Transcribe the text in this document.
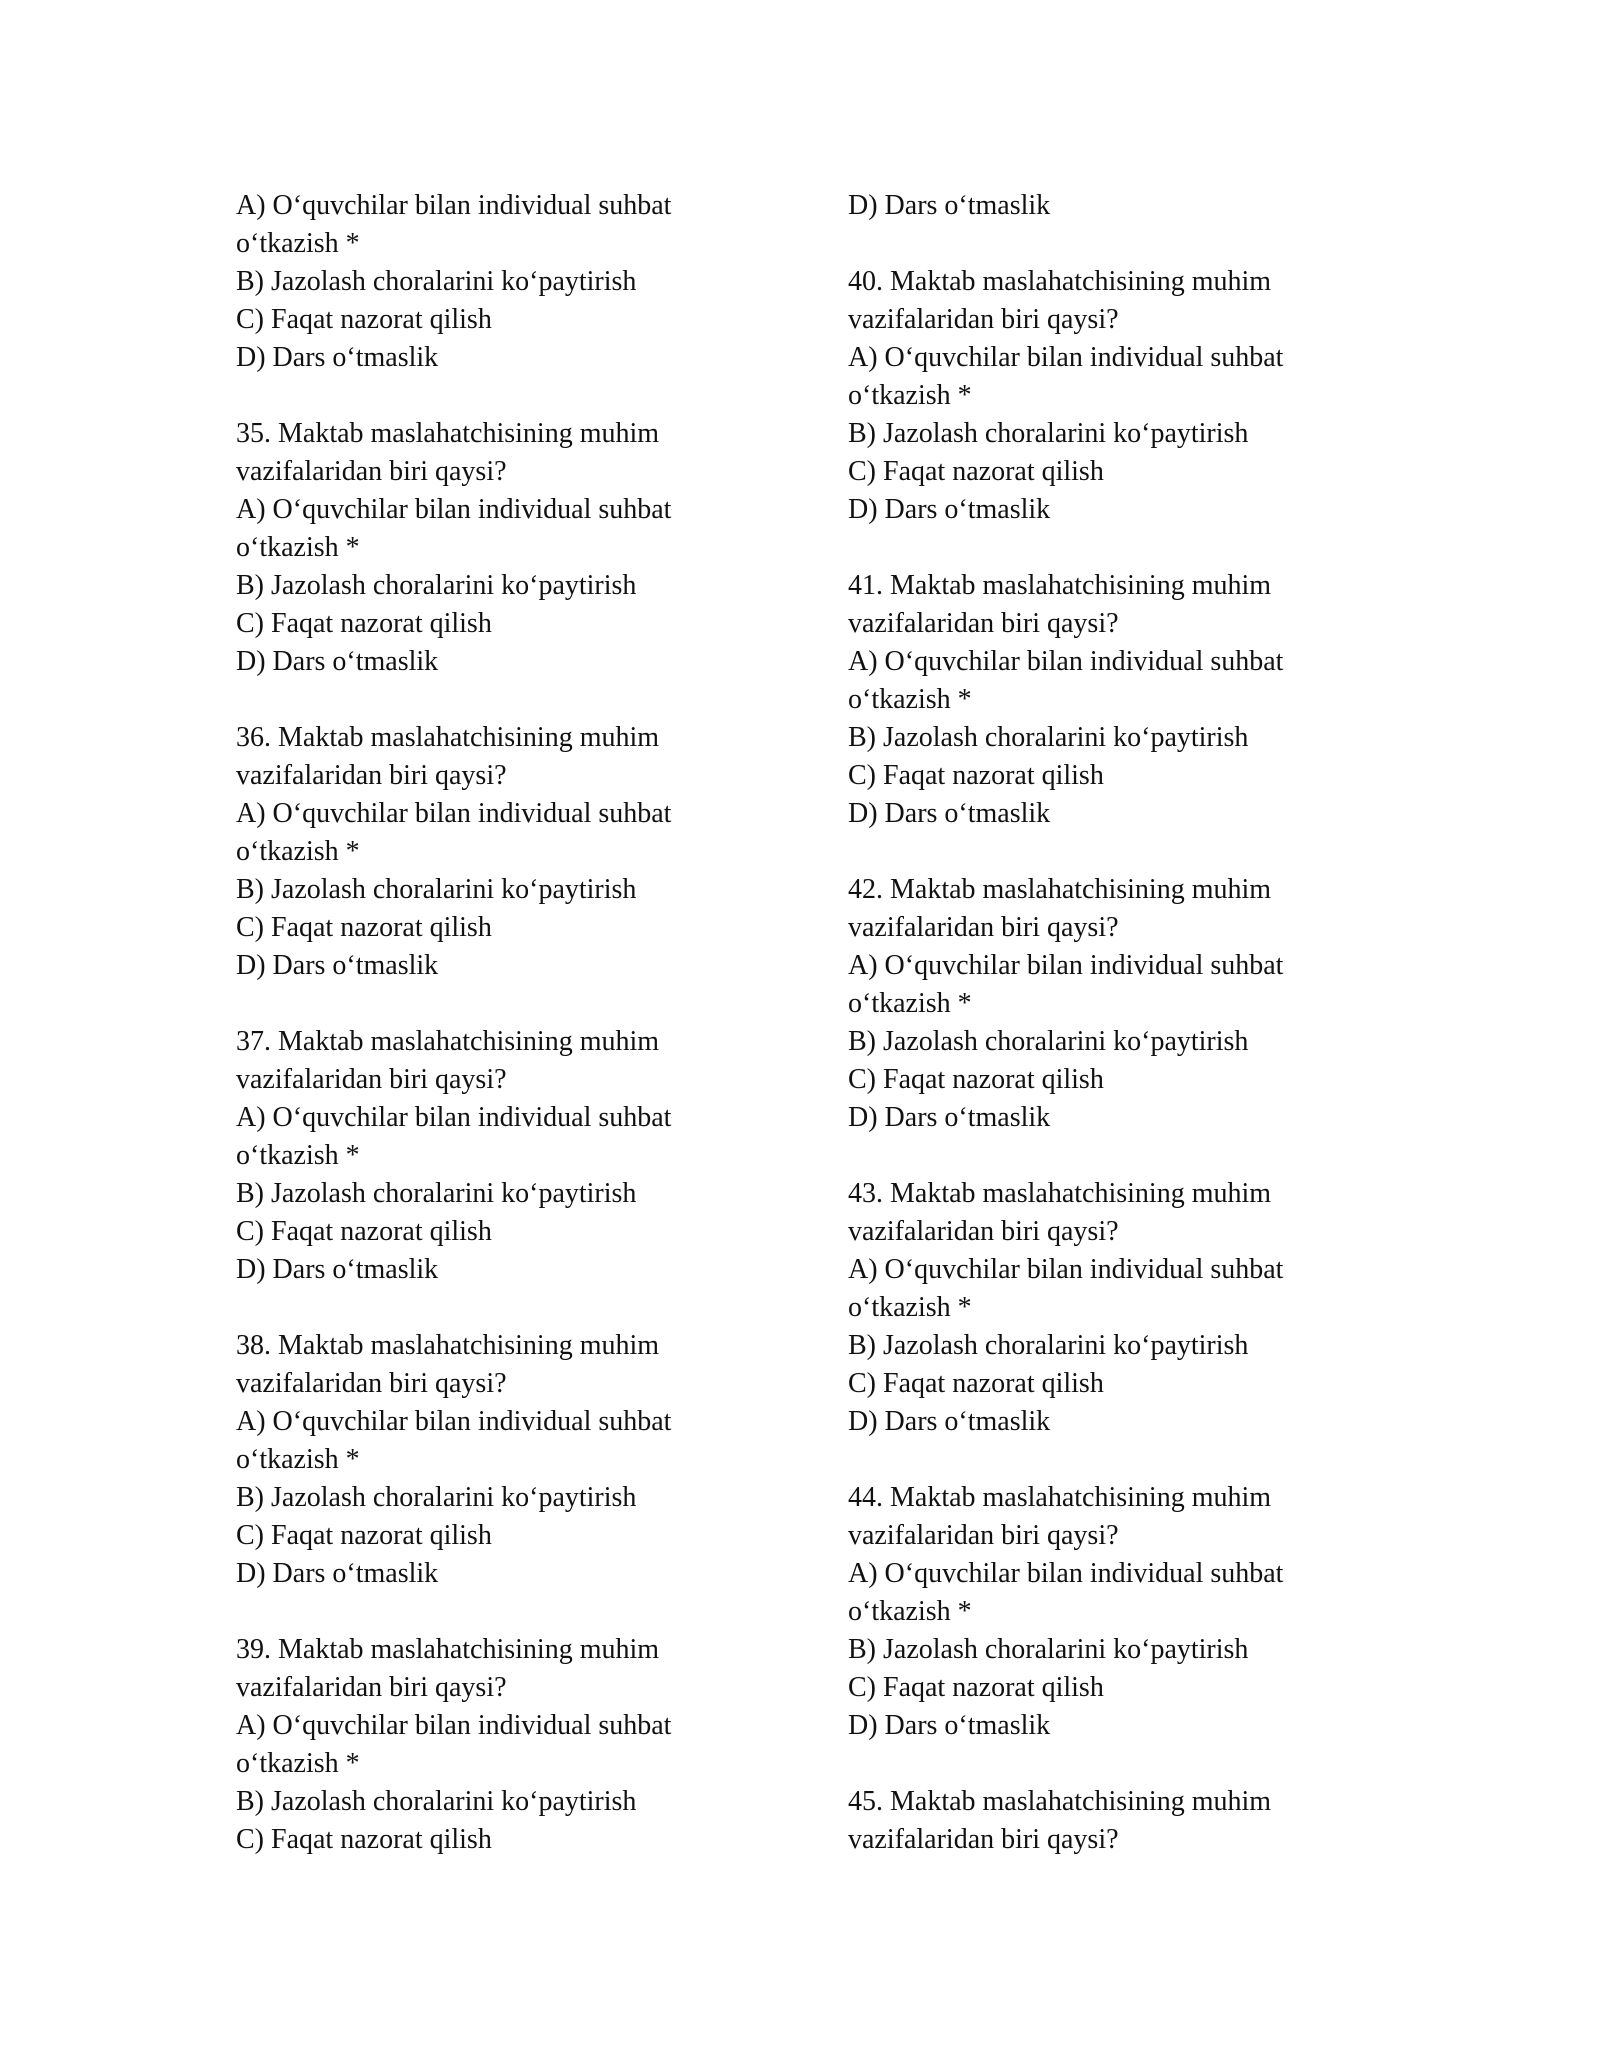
A) O‘quvchilar bilan individual suhbat
o‘tkazish *
B) Jazolash choralarini ko‘paytirish
C) Faqat nazorat qilish
D) Dars o‘tmaslik
35. Maktab maslahatchisining muhim
vazifalaridan biri qaysi?
A) O‘quvchilar bilan individual suhbat
o‘tkazish *
B) Jazolash choralarini ko‘paytirish
C) Faqat nazorat qilish
D) Dars o‘tmaslik
36. Maktab maslahatchisining muhim
vazifalaridan biri qaysi?
A) O‘quvchilar bilan individual suhbat
o‘tkazish *
B) Jazolash choralarini ko‘paytirish
C) Faqat nazorat qilish
D) Dars o‘tmaslik
37. Maktab maslahatchisining muhim
vazifalaridan biri qaysi?
A) O‘quvchilar bilan individual suhbat
o‘tkazish *
B) Jazolash choralarini ko‘paytirish
C) Faqat nazorat qilish
D) Dars o‘tmaslik
38. Maktab maslahatchisining muhim
vazifalaridan biri qaysi?
A) O‘quvchilar bilan individual suhbat
o‘tkazish *
B) Jazolash choralarini ko‘paytirish
C) Faqat nazorat qilish
D) Dars o‘tmaslik
39. Maktab maslahatchisining muhim
vazifalaridan biri qaysi?
A) O‘quvchilar bilan individual suhbat
o‘tkazish *
B) Jazolash choralarini ko‘paytirish
C) Faqat nazorat qilish
D) Dars o‘tmaslik
40. Maktab maslahatchisining muhim
vazifalaridan biri qaysi?
A) O‘quvchilar bilan individual suhbat
o‘tkazish *
B) Jazolash choralarini ko‘paytirish
C) Faqat nazorat qilish
D) Dars o‘tmaslik
41. Maktab maslahatchisining muhim
vazifalaridan biri qaysi?
A) O‘quvchilar bilan individual suhbat
o‘tkazish *
B) Jazolash choralarini ko‘paytirish
C) Faqat nazorat qilish
D) Dars o‘tmaslik
42. Maktab maslahatchisining muhim
vazifalaridan biri qaysi?
A) O‘quvchilar bilan individual suhbat
o‘tkazish *
B) Jazolash choralarini ko‘paytirish
C) Faqat nazorat qilish
D) Dars o‘tmaslik
43. Maktab maslahatchisining muhim
vazifalaridan biri qaysi?
A) O‘quvchilar bilan individual suhbat
o‘tkazish *
B) Jazolash choralarini ko‘paytirish
C) Faqat nazorat qilish
D) Dars o‘tmaslik
44. Maktab maslahatchisining muhim
vazifalaridan biri qaysi?
A) O‘quvchilar bilan individual suhbat
o‘tkazish *
B) Jazolash choralarini ko‘paytirish
C) Faqat nazorat qilish
D) Dars o‘tmaslik
45. Maktab maslahatchisining muhim
vazifalaridan biri qaysi?
